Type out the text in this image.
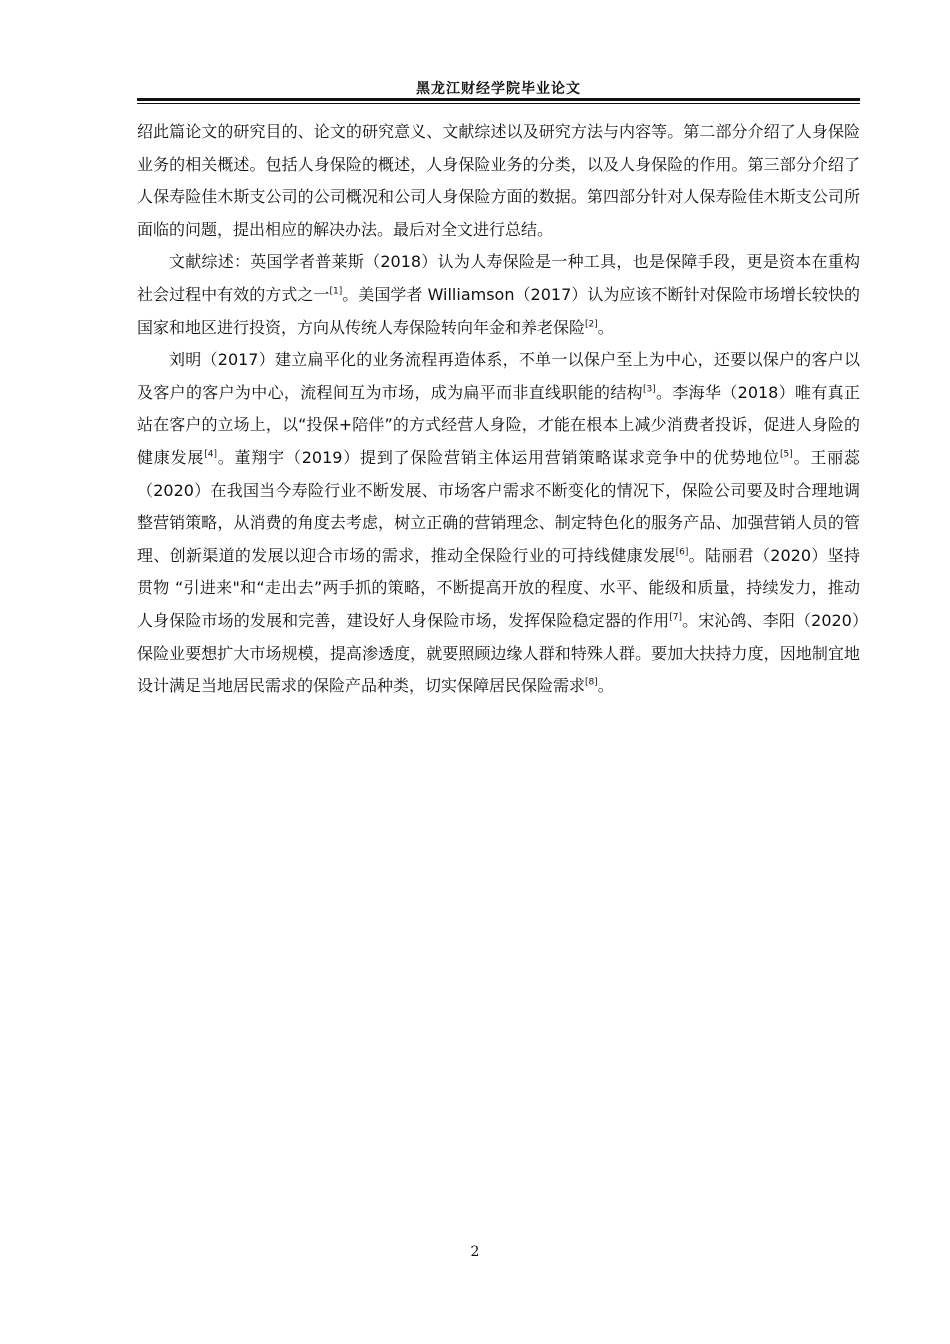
黑龙江财经学院毕业论文

绍此篇论文的研究目的、论文的研究意义、文献综述以及研究方法与内容等。第二部分介绍了人身保险业务的相关概述。包括人身保险的概述，人身保险业务的分类，以及人身保险的作用。第三部分介绍了人保寿险佳木斯支公司的公司概况和公司人身保险方面的数据。第四部分针对人保寿险佳木斯支公司所面临的问题，提出相应的解决办法。最后对全文进行总结。

文献综述：英国学者普莱斯（2018）认为人寿保险是一种工具，也是保障手段，更是资本在重构社会过程中有效的方式之一[1]。美国学者 Williamson（2017）认为应该不断针对保险市场增长较快的国家和地区进行投资，方向从传统人寿保险转向年金和养老保险[2]。

刘明（2017）建立扁平化的业务流程再造体系，不单一以保户至上为中心，还要以保户的客户以及客户的客户为中心，流程间互为市场，成为扁平而非直线职能的结构[3]。李海华（2018）唯有真正站在客户的立场上，以“投保+陪伴”的方式经营人身险，才能在根本上减少消费者投诉，促进人身险的健康发展[4]。董翔宇（2019）提到了保险营销主体运用营销策略谋求竞争中的优势地位[5]。王丽蕊（2020）在我国当今寿险行业不断发展、市场客户需求不断变化的情况下，保险公司要及时合理地调整营销策略，从消费的角度去考虑，树立正确的营销理念、制定特色化的服务产品、加强营销人员的管理、创新渠道的发展以迎合市场的需求，推动全保险行业的可持线健康发展[6]。陆丽君（2020）坚持贯物 “引进来"和“走出去”两手抓的策略，不断提高开放的程度、水平、能级和质量，持续发力，推动人身保险市场的发展和完善，建设好人身保险市场，发挥保险稳定器的作用[7]。宋沁鸽、李阳（2020）保险业要想扩大市场规模，提高渗透度，就要照顾边缘人群和特殊人群。要加大扶持力度，因地制宜地设计满足当地居民需求的保险产品种类，切实保障居民保险需求[8]。

2
